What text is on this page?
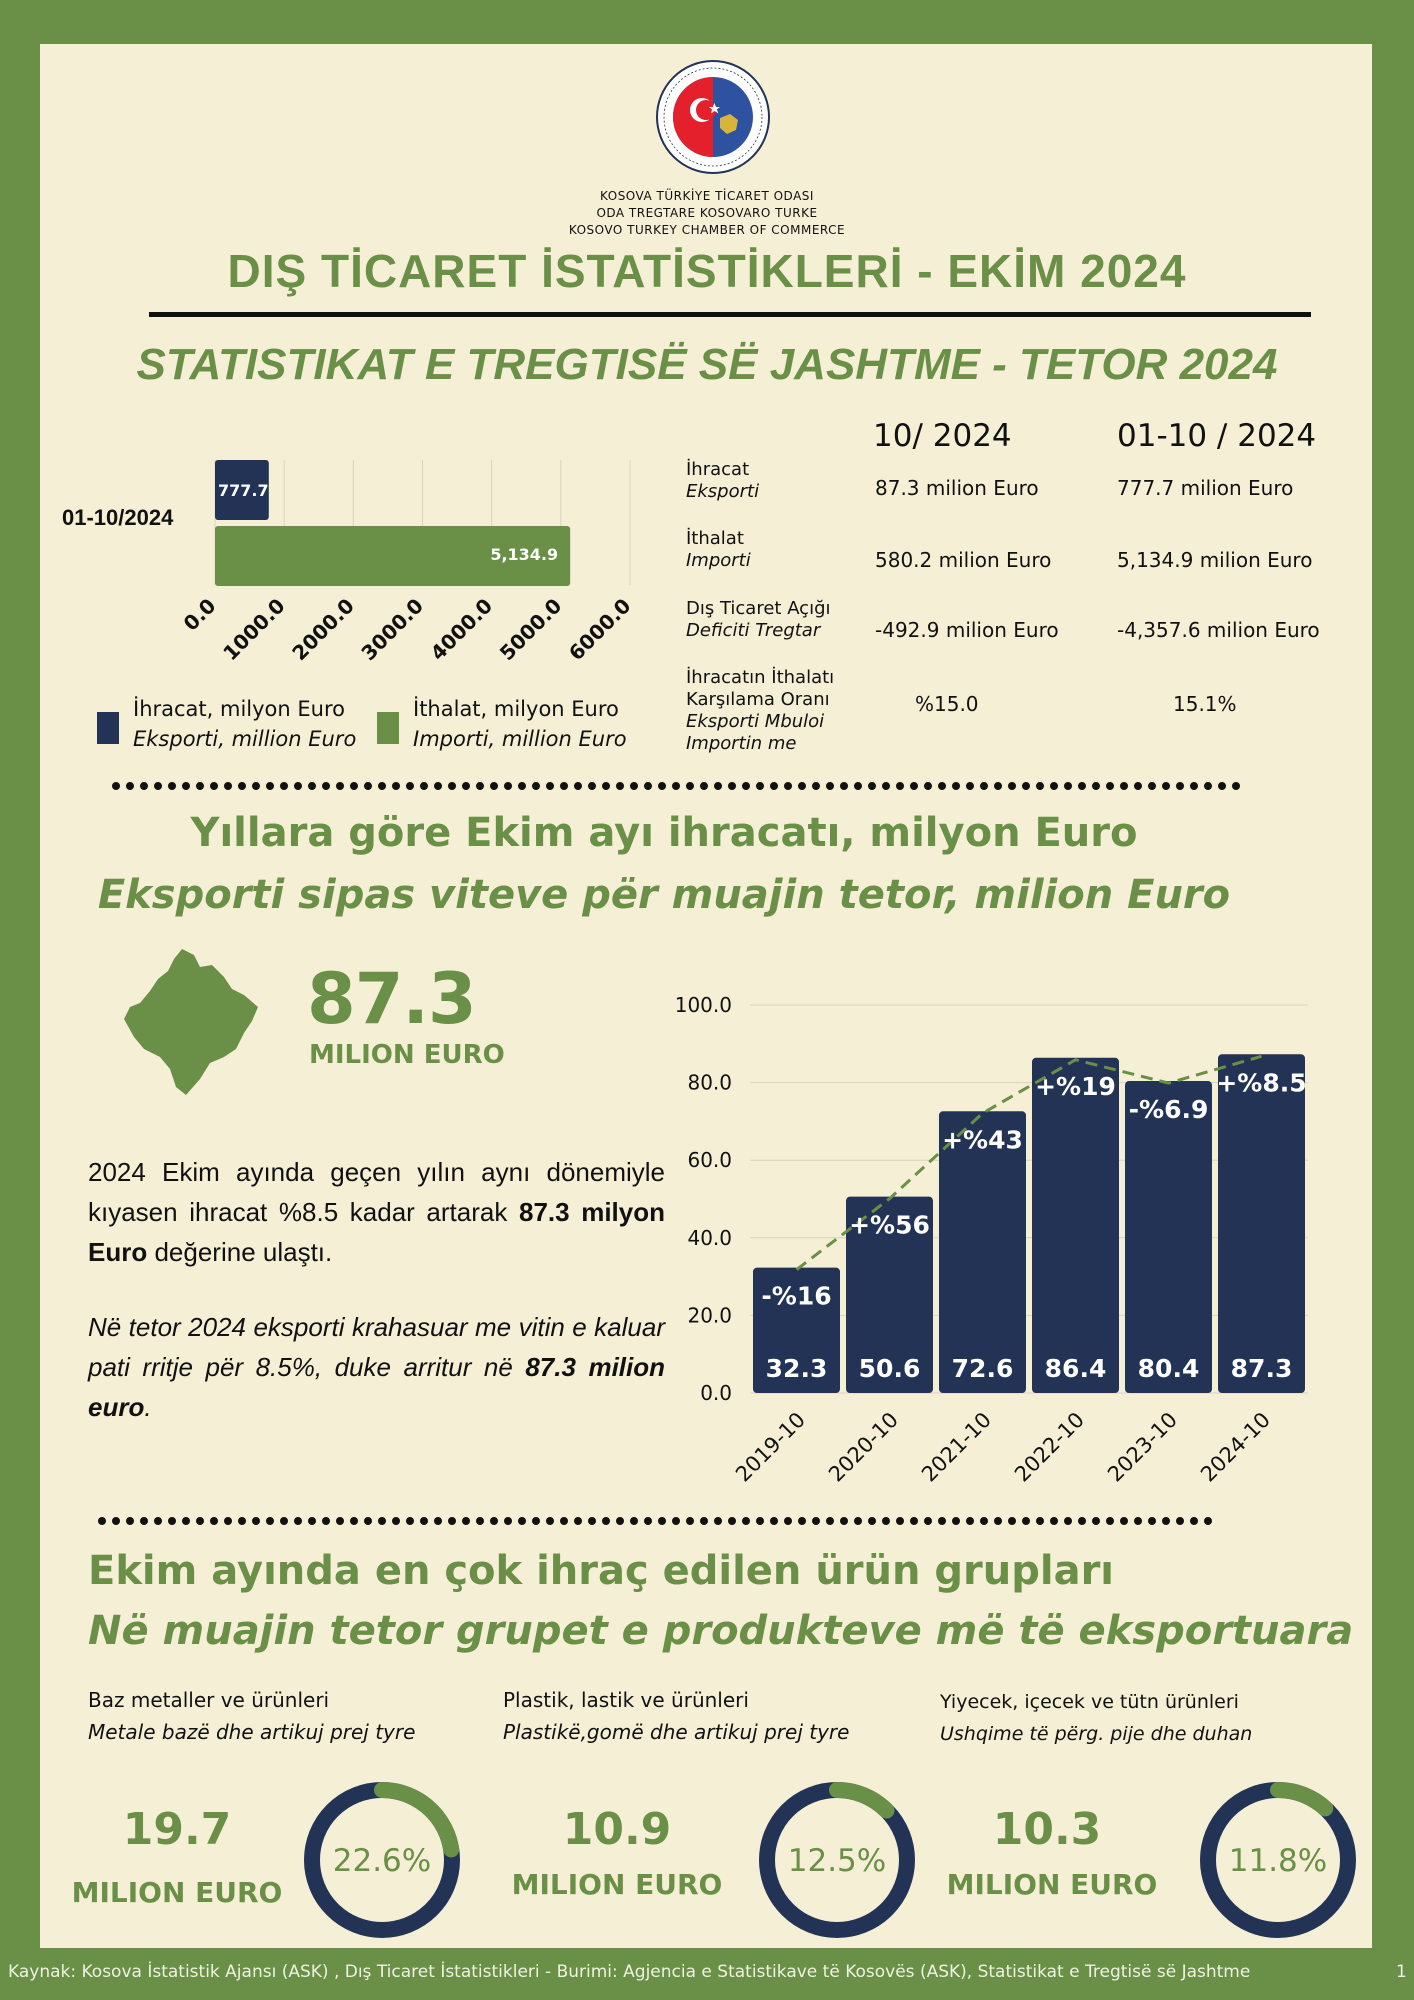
KOSOVA TÜRKİYE TİCARET ODASI
ODA TREGTARE KOSOVARO TURKE
KOSOVO TURKEY CHAMBER OF COMMERCE
DIŞ TİCARET İSTATİSTİKLERİ - EKİM 2024
STATISTIKAT E TREGTISË SË JASHTME - TETOR 2024
01-10/2024
777.7
5,134.9
0.0
1000.0
2000.0
3000.0
4000.0
5000.0
6000.0
İhracat, milyon Euro
Eksporti, million Euro
İthalat, milyon Euro
Importi, million Euro
10/ 2024	01-10 / 2024
İhracat
Eksporti	87.3 milion Euro	777.7 milion Euro
İthalat
Importi	580.2 milion Euro	5,134.9 milion Euro
Dış Ticaret Açığı
Deficiti Tregtar	-492.9 milion Euro	-4,357.6 milion Euro
İhracatın İthalatı
Karşılama Oranı
Eksporti Mbuloi
Importin me
%15.0	15.1%
Yıllara göre Ekim ayı ihracatı, milyon Euro
Eksporti sipas viteve për muajin tetor, milion Euro
87.3
MILION EURO
2024 Ekim ayında geçen yılın aynı dönemiyle kıyasen ihracat %8.5 kadar artarak 87.3 milyon Euro değerine ulaştı.
Në tetor 2024 eksporti krahasuar me vitin e kaluar pati rritje për 8.5%, duke arritur në 87.3 milion euro.	0.0
20.0
40.0
60.0
80.0
100.0
32.3
-%16
50.6
+%56
72.6
+%43
86.4
+%19
80.4
-%6.9
87.3
+%8.5
2019-10 2020-10 2021-10 2022-10 2023-10 2024-10
Ekim ayında en çok ihraç edilen ürün grupları
Në muajin tetor grupet e produkteve më të eksportuara
Baz metaller ve ürünleri
Metale bazë dhe artikuj prej tyre
Plastik, lastik ve ürünleri
Plastikë,gomë dhe artikuj prej tyre
Yiyecek, içecek ve tütn ürünleri
Ushqime të përg. pije dhe duhan
19.7
MILION EURO
10.9
MILION EURO
10.3
MILION EURO
22.6%	12.5%	11.8%
Kaynak: Kosova İstatistik Ajansı (ASK) , Dış Ticaret İstatistikleri - Burimi: Agjencia e Statistikave të Kosovës (ASK), Statistikat e Tregtisë së Jashtme	1
